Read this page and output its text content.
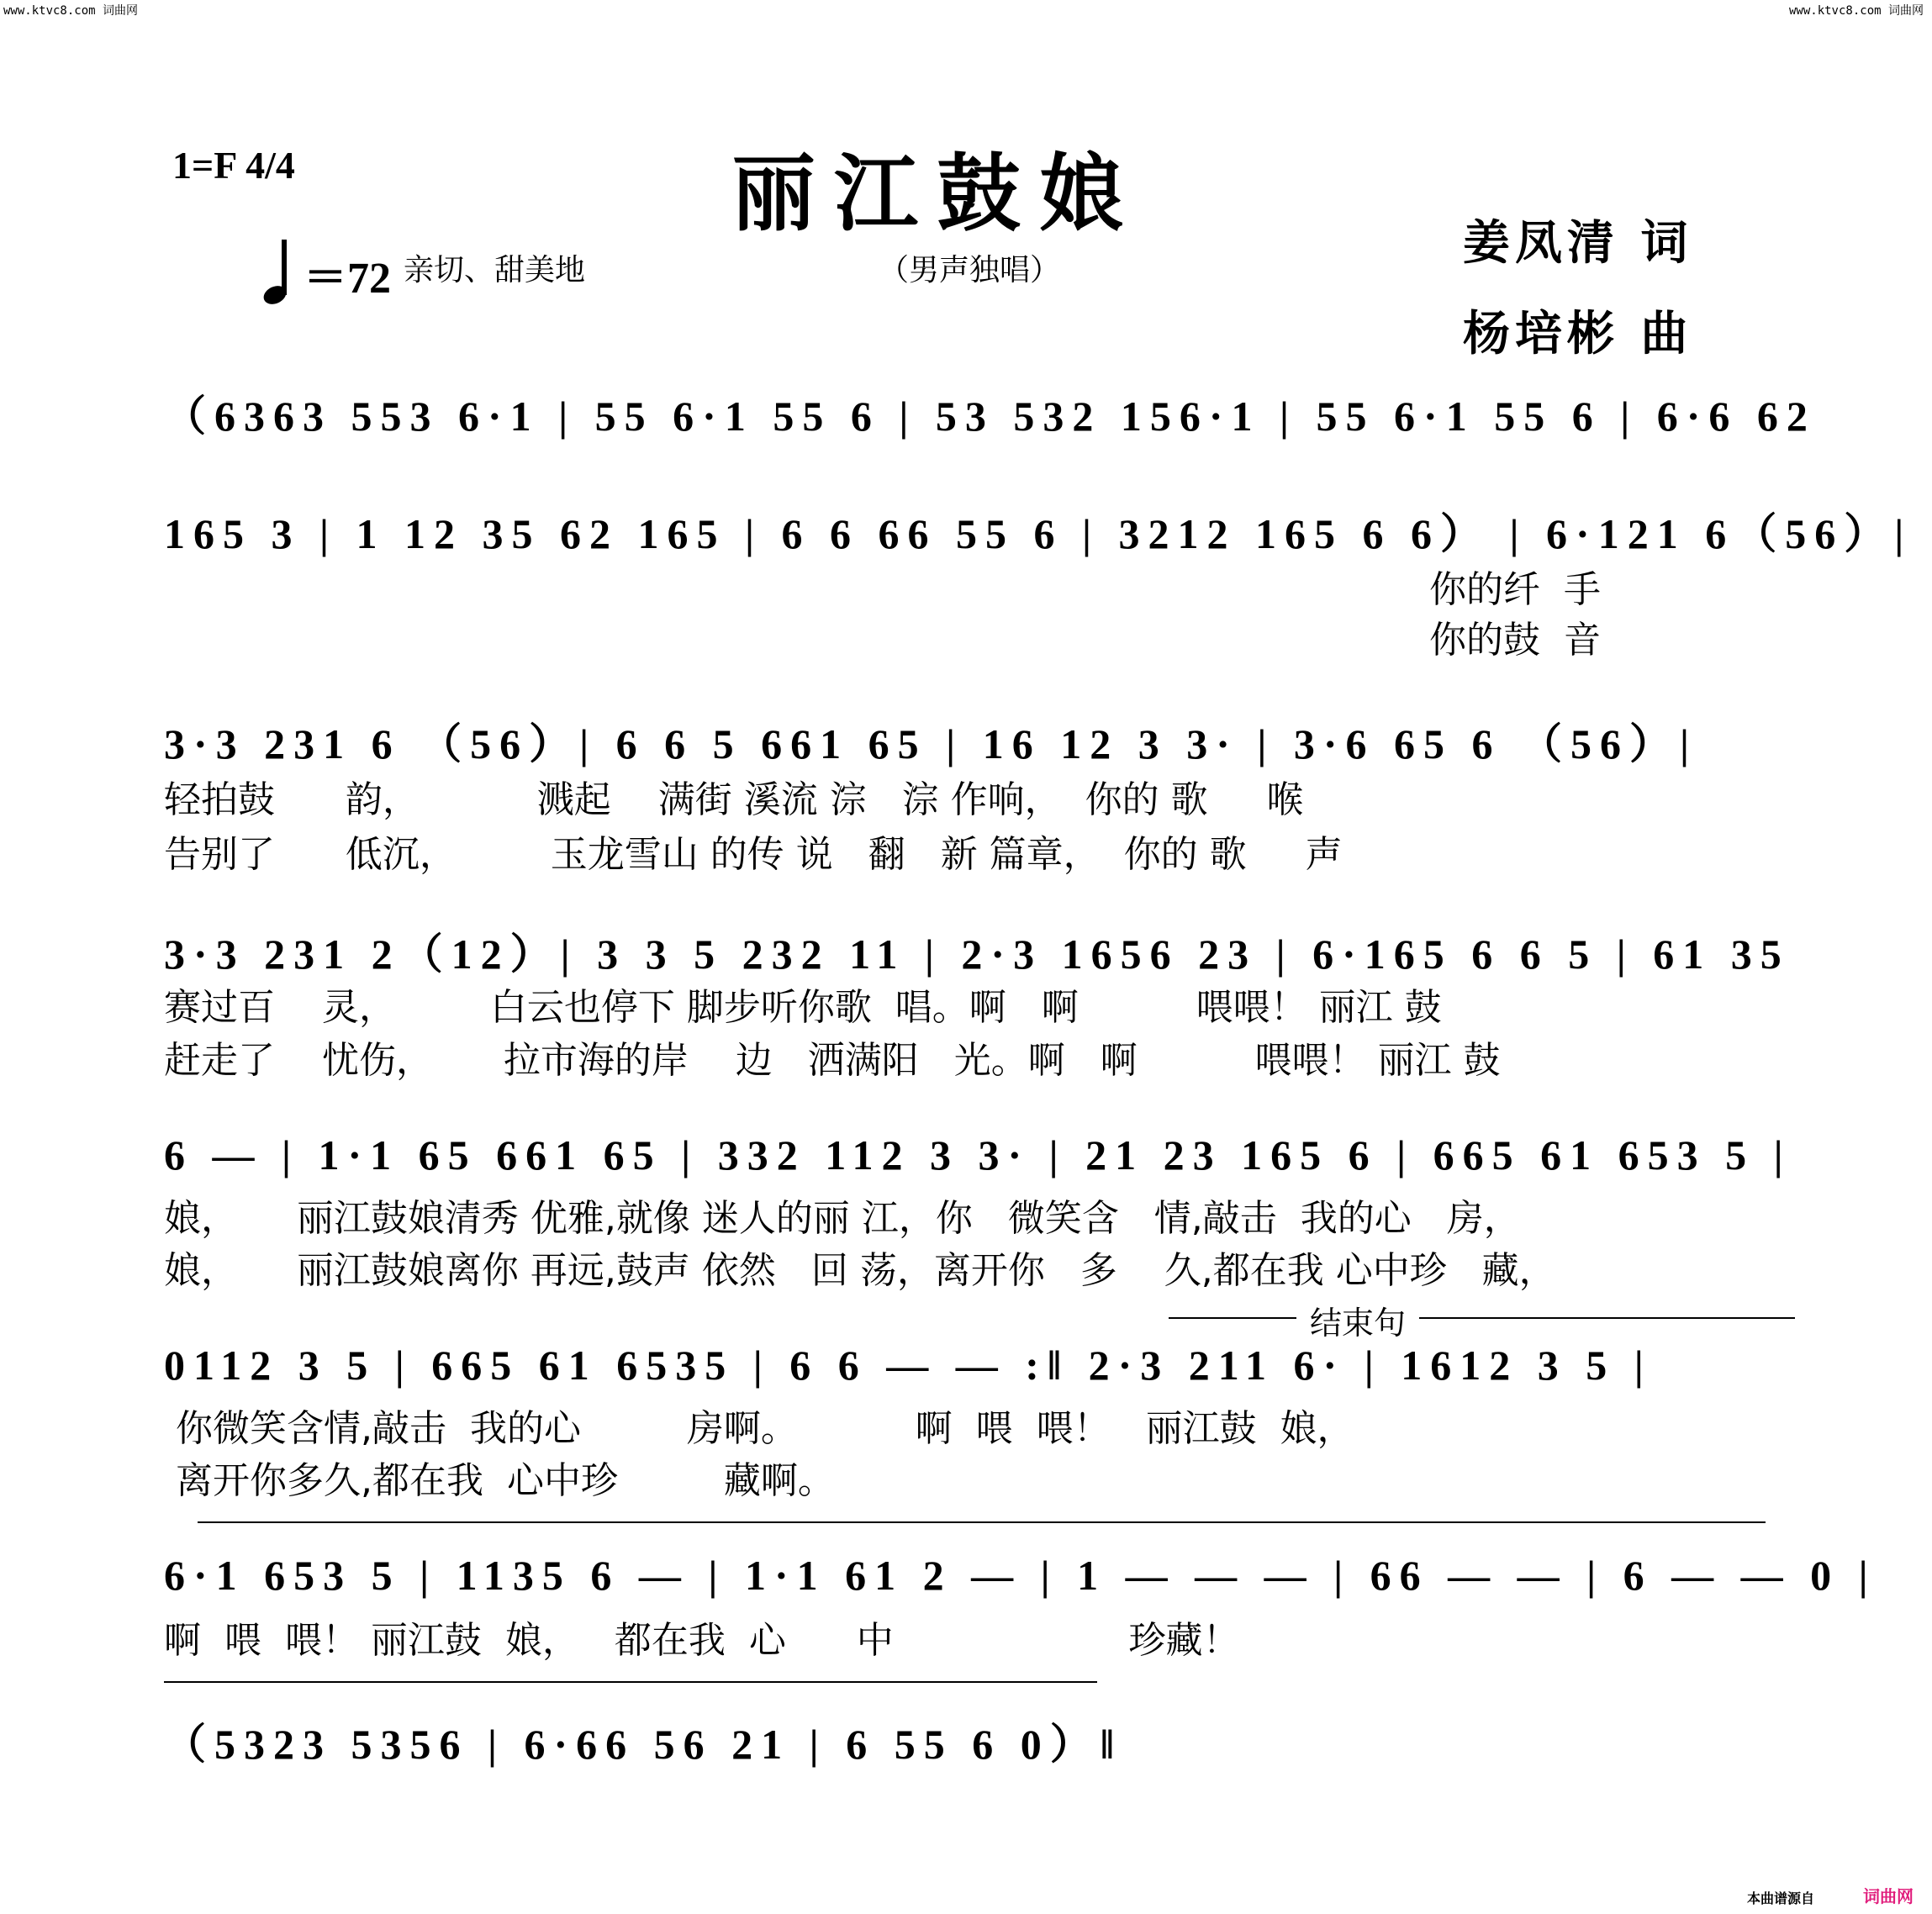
www.ktvc8.com 词曲网	www.ktvc8.com 词曲网
1=F 4/4	丽江鼓娘
＝72 亲切、甜美地	（男声独唱）	姜凤清 词
杨培彬 曲
（6363 553 6·1 | 55 6·1 55 6 | 53 532 156·1 | 55 6·1 55 6 | 6·6 62
165 3 | 1 12 35 62 165 | 6 6 66 55 6 | 3212 165 6 6） | 6·121 6（56）|
你的纤  手
你的鼓  音
3·3 231 6 （56）| 6 6 5 661 65 | 16 12 3 3· | 3·6 65 6 （56）|
轻拍鼓      韵，          溅起    满街 溪流 淙   淙 作响，  你的 歌     喉
告别了      低沉，        玉龙雪山 的传 说   翻   新 篇章，  你的 歌     声
3·3 231 2（12）| 3 3 5 232 11 | 2·3 1656 23 | 6·165 6 6 5 | 61 35
赛过百    灵，        白云也停下 脚步听你歌  唱。啊   啊          喂喂！ 丽江 鼓
赶走了    忧伤，      拉市海的岸    边   洒满阳   光。啊   啊          喂喂！ 丽江 鼓
6 — | 1·1 65 661 65 | 332 112 3 3· | 21 23 165 6 | 665 61 653 5 |
娘，     丽江鼓娘清秀 优雅,就像 迷人的丽 江，你   微笑含   情,敲击  我的心   房，
娘，     丽江鼓娘离你 再远,鼓声 依然   回 荡，离开你   多    久,都在我 心中珍   藏，
结束句
0112 3 5 | 665 61 6535 | 6 6 — — :‖ 2·3 211 6· | 1612 3 5 |
你微笑含情,敲击  我的心         房啊。          啊  喂  喂！   丽江鼓  娘，
离开你多久,都在我  心中珍         藏啊。
6·1 653 5 | 1135 6 — | 1·1 61 2 — | 1 — — — | 66 — — | 6 — — 0 |
啊  喂  喂！ 丽江鼓  娘，   都在我  心      中                    珍藏！
（5323 5356 | 6·66 56 21 | 6 55 6 0）‖
本曲谱源自	词曲网
